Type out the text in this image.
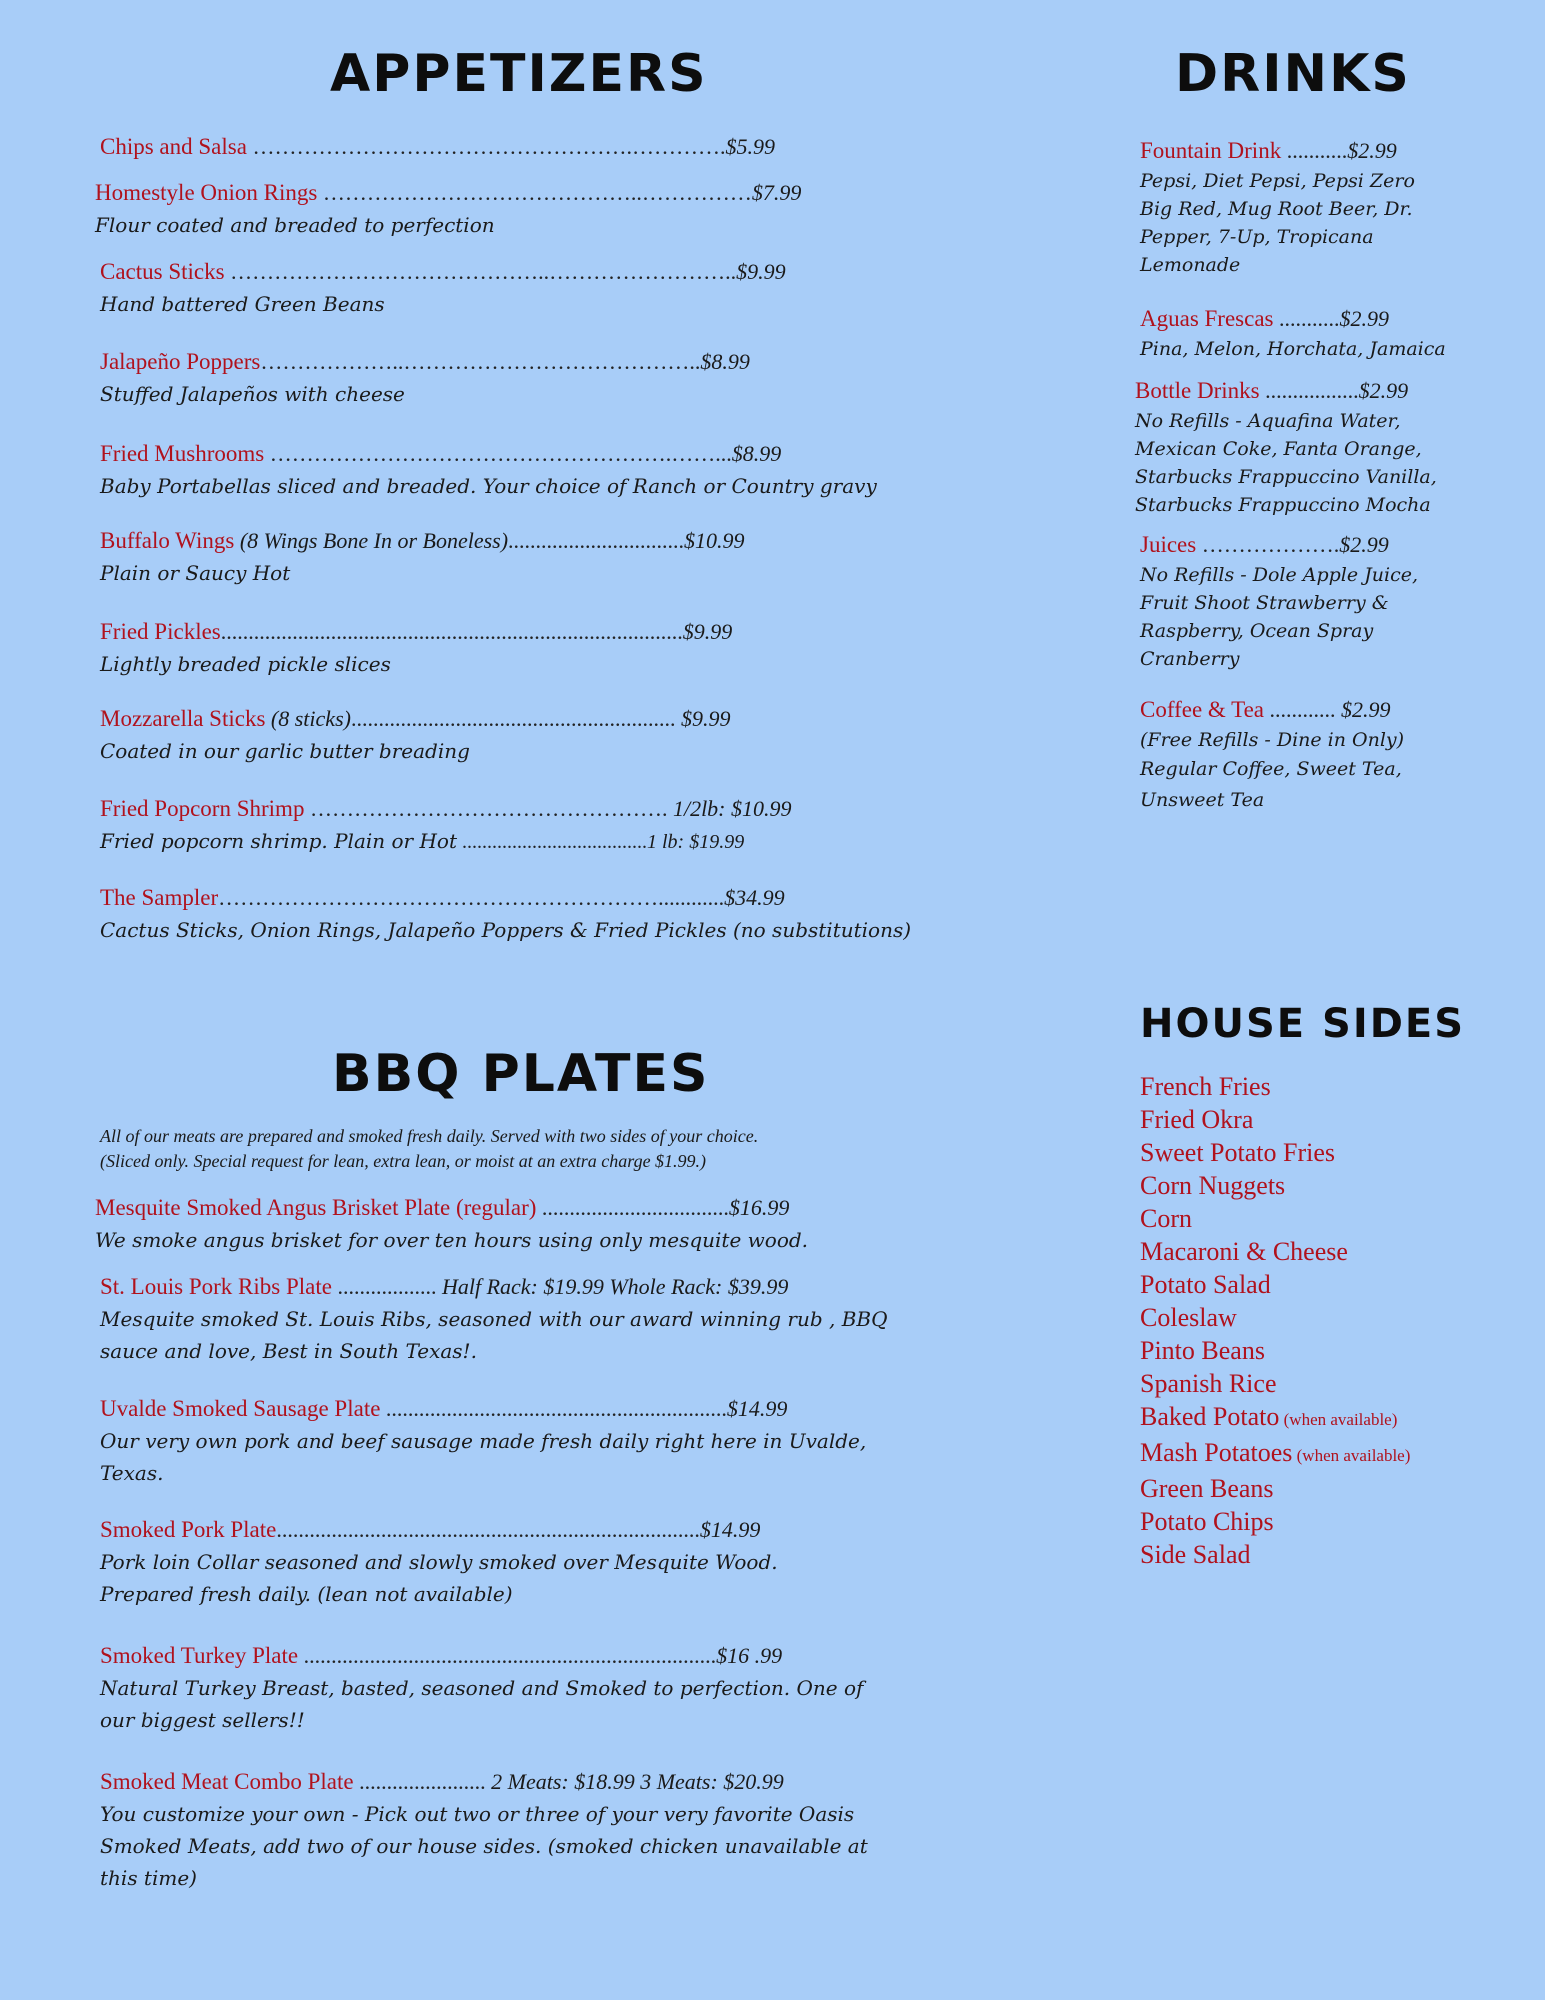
APPETIZERS
Chips and Salsa …………………………………………….………….$5.99
Homestyle Onion Rings ……………………………………..……………$7.99
Flour coated and breaded to perfection
Cactus Sticks ……………………………………..……………………..$9.99
Hand battered Green Beans
Jalapeño Poppers………………..…………………………………..$8.99
Stuffed Jalapeños with cheese
Fried Mushrooms ……………………………………………….……...$8.99
Baby Portabellas sliced and breaded. Your choice of Ranch or Country gravy
Buffalo Wings (8 Wings Bone In or Boneless)................................$10.99
Plain or Saucy Hot
Fried Pickles....................................................................................$9.99
Lightly breaded pickle slices
Mozzarella Sticks (8 sticks)........................................................... $9.99
Coated in our garlic butter breading
Fried Popcorn Shrimp …………………………………………. 1/2lb: $10.99
Fried popcorn shrimp. Plain or Hot .....................................1 lb: $19.99
The Sampler……………………………………………………............$34.99
Cactus Sticks, Onion Rings, Jalapeño Poppers & Fried Pickles (no substitutions)
BBQ PLATES
All of our meats are prepared and smoked fresh daily. Served with two sides of your choice.
(Sliced only. Special request for lean, extra lean, or moist at an extra charge $1.99.)
Mesquite Smoked Angus Brisket Plate (regular) ..................................$16.99
We smoke angus brisket for over ten hours using only mesquite wood.
St. Louis Pork Ribs Plate .................. Half Rack: $19.99 Whole Rack: $39.99
Mesquite smoked St. Louis Ribs, seasoned with our award winning rub , BBQ sauce and love, Best in South Texas!.
Uvalde Smoked Sausage Plate ..............................................................$14.99
Our very own pork and beef sausage made fresh daily right here in Uvalde, Texas.
Smoked Pork Plate.............................................................................$14.99
Pork loin Collar seasoned and slowly smoked over Mesquite Wood. Prepared fresh daily. (lean not available)
Smoked Turkey Plate ...........................................................................$16 .99
Natural Turkey Breast, basted, seasoned and Smoked to perfection. One of our biggest sellers!!
Smoked Meat Combo Plate ....................... 2 Meats: $18.99 3 Meats: $20.99
You customize your own - Pick out two or three of your very favorite Oasis Smoked Meats, add two of our house sides. (smoked chicken unavailable at this time)
DRINKS
Fountain Drink ...........$2.99
Pepsi, Diet Pepsi, Pepsi Zero Big Red, Mug Root Beer, Dr. Pepper, 7-Up, Tropicana Lemonade
Aguas Frescas ...........$2.99
Pina, Melon, Horchata, Jamaica
Bottle Drinks .................$2.99
No Refills - Aquafina Water, Mexican Coke, Fanta Orange, Starbucks Frappuccino Vanilla, Starbucks Frappuccino Mocha
Juices ……………….$2.99
No Refills - Dole Apple Juice, Fruit Shoot Strawberry & Raspberry, Ocean Spray Cranberry
Coffee & Tea ............ $2.99
(Free Refills - Dine in Only)
Regular Coffee, Sweet Tea, Unsweet Tea
HOUSE SIDES
French Fries
Fried Okra
Sweet Potato Fries
Corn Nuggets
Corn
Macaroni & Cheese
Potato Salad
Coleslaw
Pinto Beans
Spanish Rice
Baked Potato (when available)
Mash Potatoes (when available)
Green Beans
Potato Chips
Side Salad
